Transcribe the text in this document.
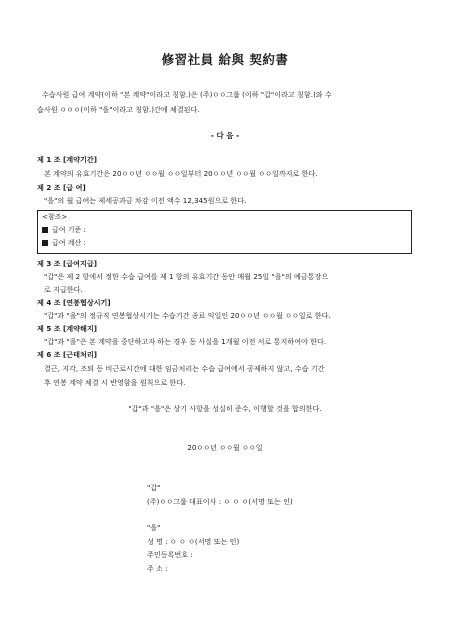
修習社員 給與 契約書
수습사원 급여 계약(이하 "본 계약"이라고 칭함.)은 (주)ㅇㅇ그룹 (이하 "갑"이라고 칭함.)와 수
습사원 ㅇㅇㅇ(이하 "을"이라고 칭함.)간에 체결된다.
- 다 음 -
제 1 조 [계약기간]
본 계약의 유효기간은 20ㅇㅇ년 ㅇㅇ월 ㅇㅇ일부터 20ㅇㅇ년 ㅇㅇ월 ㅇㅇ일까지로 한다.
제 2 조 [급 여]
"을"의 월 급여는 제세공과금 차감 이전 액수 12,345원으로 한다.
<참조>
급여 기준 :
급여 계산 :
제 3 조 [급여지급]
"갑"은 제 2 항에서 정한 수습 급여를 제 1 항의 유효기간 동안 매월 25일 "을"의 예금통장으
로 지급한다.
제 4 조 [연봉협상시기]
"갑"과 "을"의 정규직 연봉협상시기는 수습기간 종료 익일인 20ㅇㅇ년 ㅇㅇ월 ㅇㅇ일로 한다.
제 5 조 [계약해지]
"갑"과 "을"은 본 계약을 중단하고자 하는 경우 동 사실을 1개월 이전 서로 통지하여야 한다.
제 6 조 [근태처리]
결근, 지각, 조퇴 등 비근로시간에 대한 임금처리는 수습 급여에서 공제하지 않고, 수습 기간
후 연봉 계약 체결 시 반영함을 원칙으로 한다.
"갑"과 "을"은 상기 사항을 성실히 준수, 이행할 것을 합의한다.
20ㅇㅇ년 ㅇㅇ월 ㅇㅇ일
"갑"
(주)ㅇㅇ그룹 대표이사 : ㅇ ㅇ ㅇ(서명 또는 인)
"을"
성 명 : ㅇ ㅇ ㅇ(서명 또는 인)
주민등록번호 :
주 소 :
